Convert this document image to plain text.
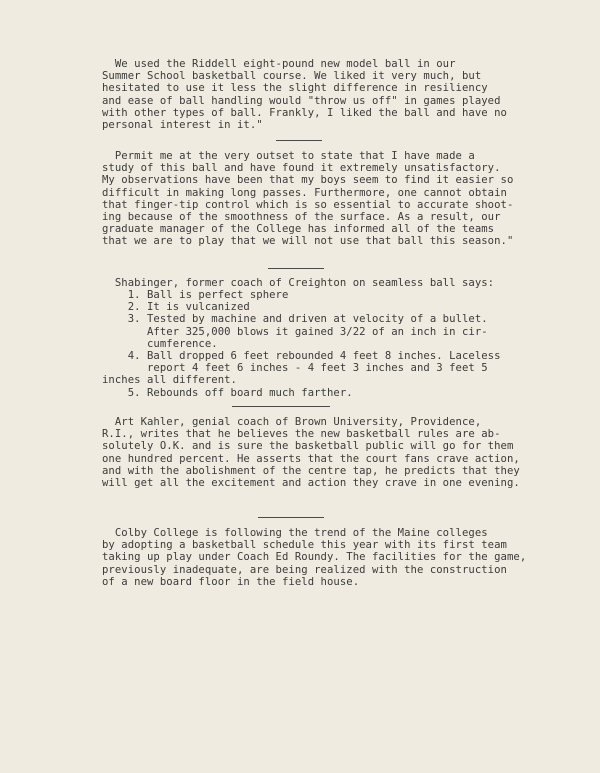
We used the Riddell eight-pound new model ball in our
Summer School basketball course. We liked it very much, but
hesitated to use it less the slight difference in resiliency
and ease of ball handling would "throw us off" in games played
with other types of ball. Frankly, I liked the ball and have no
personal interest in it."

Permit me at the very outset to state that I have made a
study of this ball and have found it extremely unsatisfactory.
My observations have been that my boys seem to find it easier so
difficult in making long passes. Furthermore, one cannot obtain
that finger-tip control which is so essential to accurate shoot-
ing because of the smoothness of the surface. As a result, our
graduate manager of the College has informed all of the teams
that we are to play that we will not use that ball this season."

Shabinger, former coach of Creighton on seamless ball says:

1. Ball is perfect sphere
2. It is vulcanized
3. Tested by machine and driven at velocity of a bullet.
After 325,000 blows it gained 3/22 of an inch in cir-
cumference.
4. Ball dropped 6 feet rebounded 4 feet 8 inches. Laceless
report 4 feet 6 inches - 4 feet 3 inches and 3 feet 5
inches all different.
5. Rebounds off board much farther.

Art Kahler, genial coach of Brown University, Providence,
R.I., writes that he believes the new basketball rules are ab-
solutely O.K. and is sure the basketball public will go for them
one hundred percent. He asserts that the court fans crave action,
and with the abolishment of the centre tap, he predicts that they
will get all the excitement and action they crave in one evening.

Colby College is following the trend of the Maine colleges
by adopting a basketball schedule this year with its first team
taking up play under Coach Ed Roundy. The facilities for the game,
previously inadequate, are being realized with the construction
of a new board floor in the field house.
